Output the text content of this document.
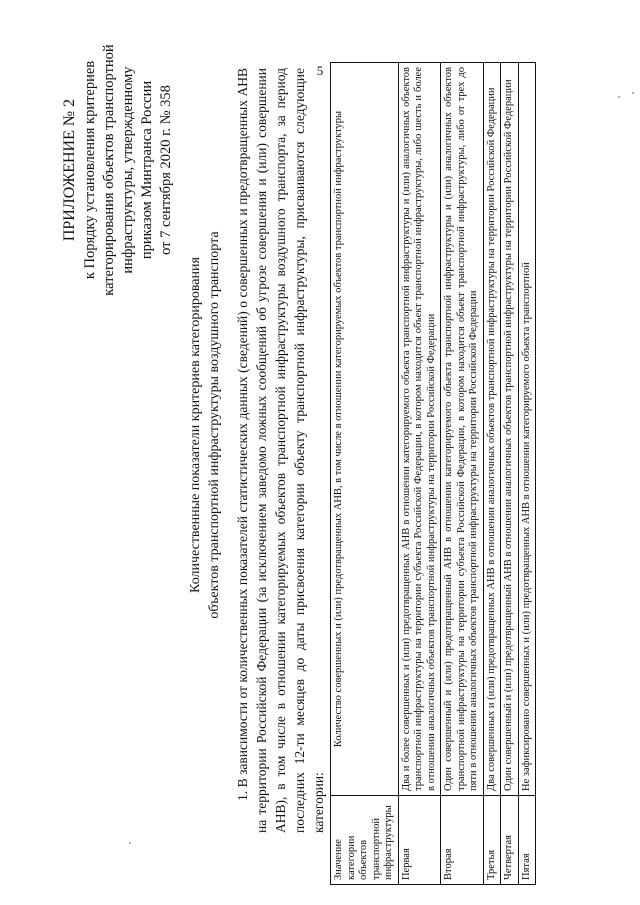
5
ПРИЛОЖЕНИЕ № 2 к Порядку установления критериев категорирования объектов транспортной инфраструктуры, утвержденному приказом Минтранса России от 7 сентября 2020 г. № 358
Количественные показатели критериев категорирования объектов транспортной инфраструктуры воздушного транспорта 1. В зависимости от количественных показателей статистических данных (сведений) о совершенных и предотвращенных АНВ на территории Российской Федерации (за исключением заведомо ложных сообщений об угрозе совершения и (или) совершении АНВ), в том числе в отношении категорируемых объектов транспортной инфраструктуры воздушного транспорта, за период последних 12-ти месяцев до даты присвоения категории объекту транспортной инфраструктуры, присваиваются следующие категории:
Значение категории объектов транспортной инфраструктуры	Количество совершенных и (или) предотвращенных АНВ, в том числе в отношении категорируемых объектов транспортной инфраструктуры
Первая	Два и более совершенных и (или) предотвращенных АНВ в отношении категорируемого объекта транспортной инфраструктуры и (или) аналогичных объектов транспортной инфраструктуры на территории субъекта Российской Федерации, в котором находится объект транспортной инфраструктуры, либо шесть и более в отношении аналогичных объектов транспортной инфраструктуры на территории Российской Федерации
Вторая	Один совершенный и (или) предотвращенный АНВ в отношении категорируемого объекта транспортной инфраструктуры и (или) аналогичных объектов транспортной инфраструктуры на территории субъекта Российской Федерации, в котором находится объект транспортной инфраструктуры, либо от трех до пяти в отношении аналогичных объектов транспортной инфраструктуры на территории Российской Федерации
Третья	Два совершенных и (или) предотвращенных АНВ в отношении аналогичных объектов транспортной инфраструктуры на территории Российской Федерации
Четвертая	Один совершенный и (или) предотвращенный АНВ в отношении аналогичных объектов транспортной инфраструктуры на территории Российской Федерации
Пятая	Не зафиксировано совершенных и (или) предотвращенных АНВ в отношении категорируемого объекта транспортной
